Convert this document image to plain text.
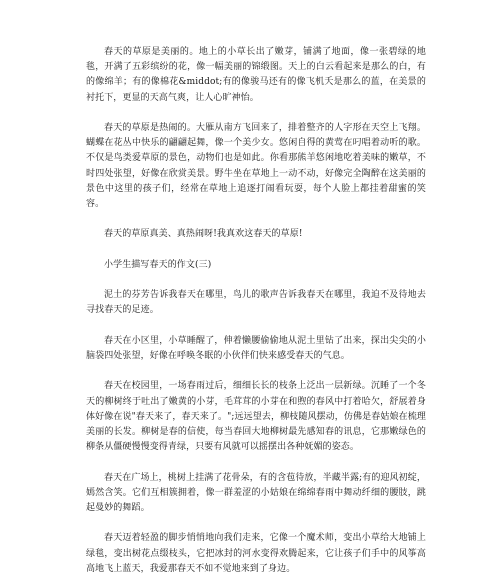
春天的草原是美丽的。地上的小草长出了嫩芽，铺满了地面，像一张碧绿的地毯，开满了五彩缤纷的花，像一幅美丽的锦缎图。天上的白云看起来是那么的白，有的像绵羊；有的像棉花&middot;有的像骏马还有的像飞机夭是那么的蓝，在美景的衬托下，更显的天高气爽，让人心旷神怡。

春天的草原是热闹的。大雁从南方飞回来了，排着整齐的人字形在天空上飞翔。蝴蝶在花丛中快乐的翩翩起舞，像一个美少女。悠闲自得的黄莺在叼唱着动听的歌。不仅是鸟类爱草原的景色，动物们也是如此。你看那熊羊悠闲地吃着美味的嫩草，不时四处张望，好像在欣赏美景。野牛坐在草地上一动不动，好像完全陶醉在这美丽的景色中这里的孩子们，经常在草地上追逐打闹看玩耍，每个人脸上都挂着甜蜜的笑容。

春天的草原真美、真热闹呀!我真欢这春天的草原!

小学生描写春天的作文(三)

泥土的芬芳告诉我春天在哪里，鸟儿的歌声告诉我春天在哪里，我迫不及待地去寻找春天的足迹。

春天在小区里，小草睡醒了，伸着懒腰偷偷地从泥土里钻了出来，探出尖尖的小脑袋四处张望，好像在呼唤冬眠的小伙伴们快来感受春天的气息。

春天在校园里，一场春雨过后，细细长长的枝条上泛出一层新绿。沉睡了一个冬天的柳树终于吐出了嫩黄的小芽，毛茸茸的小芽在和煦的春风中打着哈欠，舒展着身体好像在说"春天来了，春天来了。";远远望去，柳枝随风摆动，仿佛是春姑娘在梳理美丽的长发。柳树是春的信使，每当春回大地柳树最先感知春的讯息，它那嫩绿色的柳条从僵硬慢慢变得青绿，只要有风就可以摇摆出各种妩媚的姿态。

春天在广场上，桃树上挂满了花骨朵，有的含苞待放，半藏半露;有的迎风初绽，嫣然含笑。它们互相簇拥着，像一群羞涩的小姑娘在绵绵春雨中舞动纤细的腰肢，跳起曼妙的舞蹈。

春天迈着轻盈的脚步悄悄地向我们走来，它像一个魔术师，变出小草给大地铺上绿毯，变出树花点缀枝头，它把冰封的河水变得欢腾起来，它让孩子们手中的风筝高高地飞上蓝天，我爱那春天不如不觉地来到了身边。
